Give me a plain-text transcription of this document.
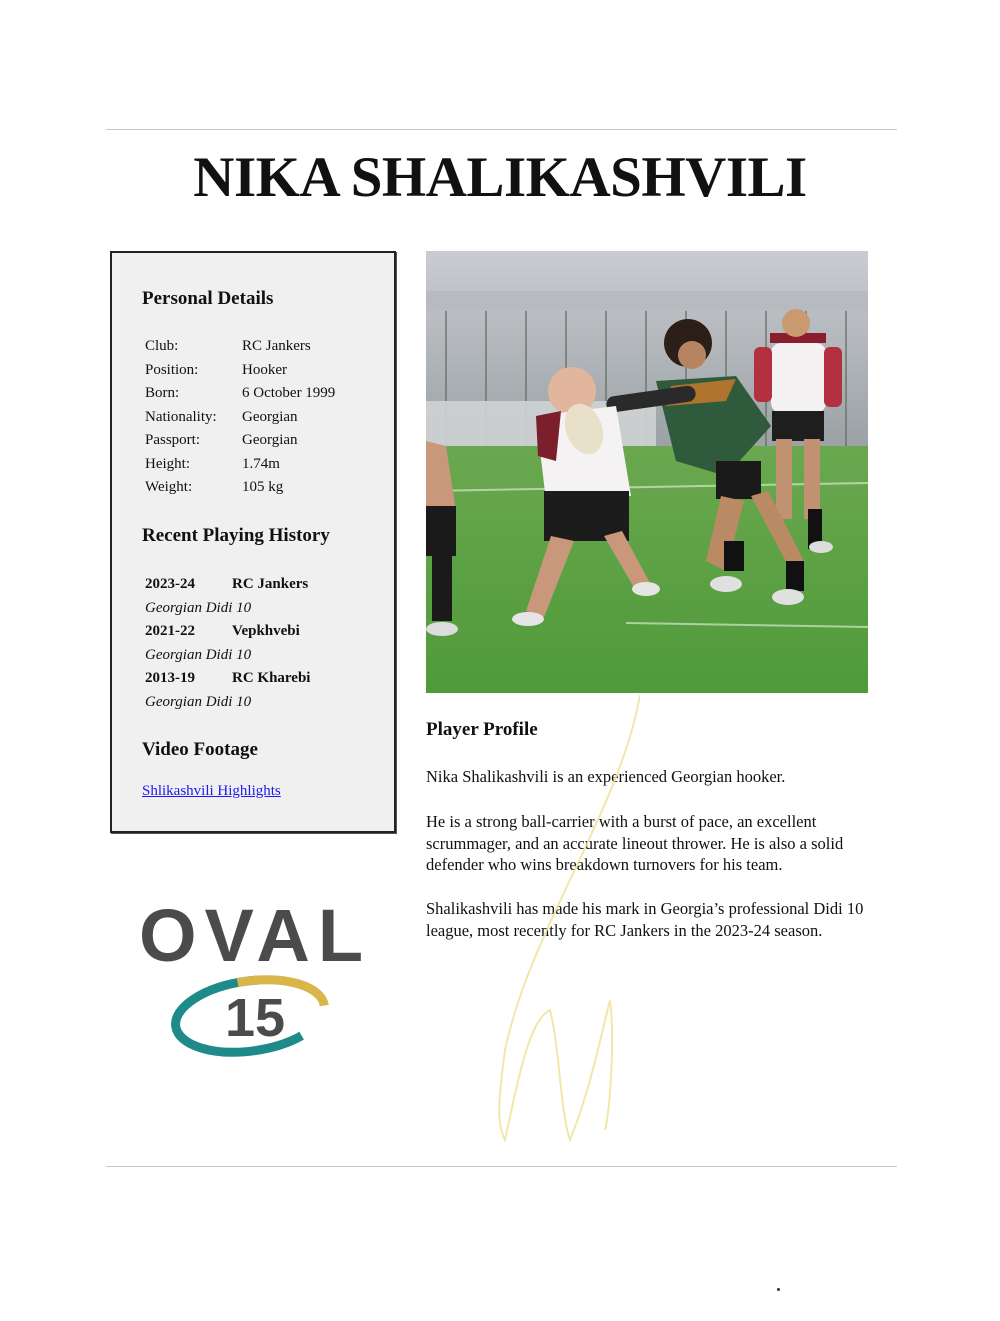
NIKA SHALIKASHVILI
Personal Details
Club:	RC Jankers
Position:	Hooker
Born:	6 October 1999
Nationality: Georgian
Passport:	Georgian
Height:	1.74m
Weight:	105 kg
Recent Playing History
2023-24 RC Jankers
Georgian Didi 10
2021-22 Vepkhvebi
Georgian Didi 10
2013-19 RC Kharebi
Georgian Didi 10
Video Footage
Shlikashvili Highlights
OVAL
15
Player Profile

Nika Shalikashvili is an experienced Georgian hooker.

He is a strong ball-carrier with a burst of pace, an excellent scrummager, and an accurate lineout thrower. He is also a solid defender who wins breakdown turnovers for his team.

Shalikashvili has made his mark in Georgia’s professional Didi 10 league, most recently for RC Jankers in the 2023-24 season.
